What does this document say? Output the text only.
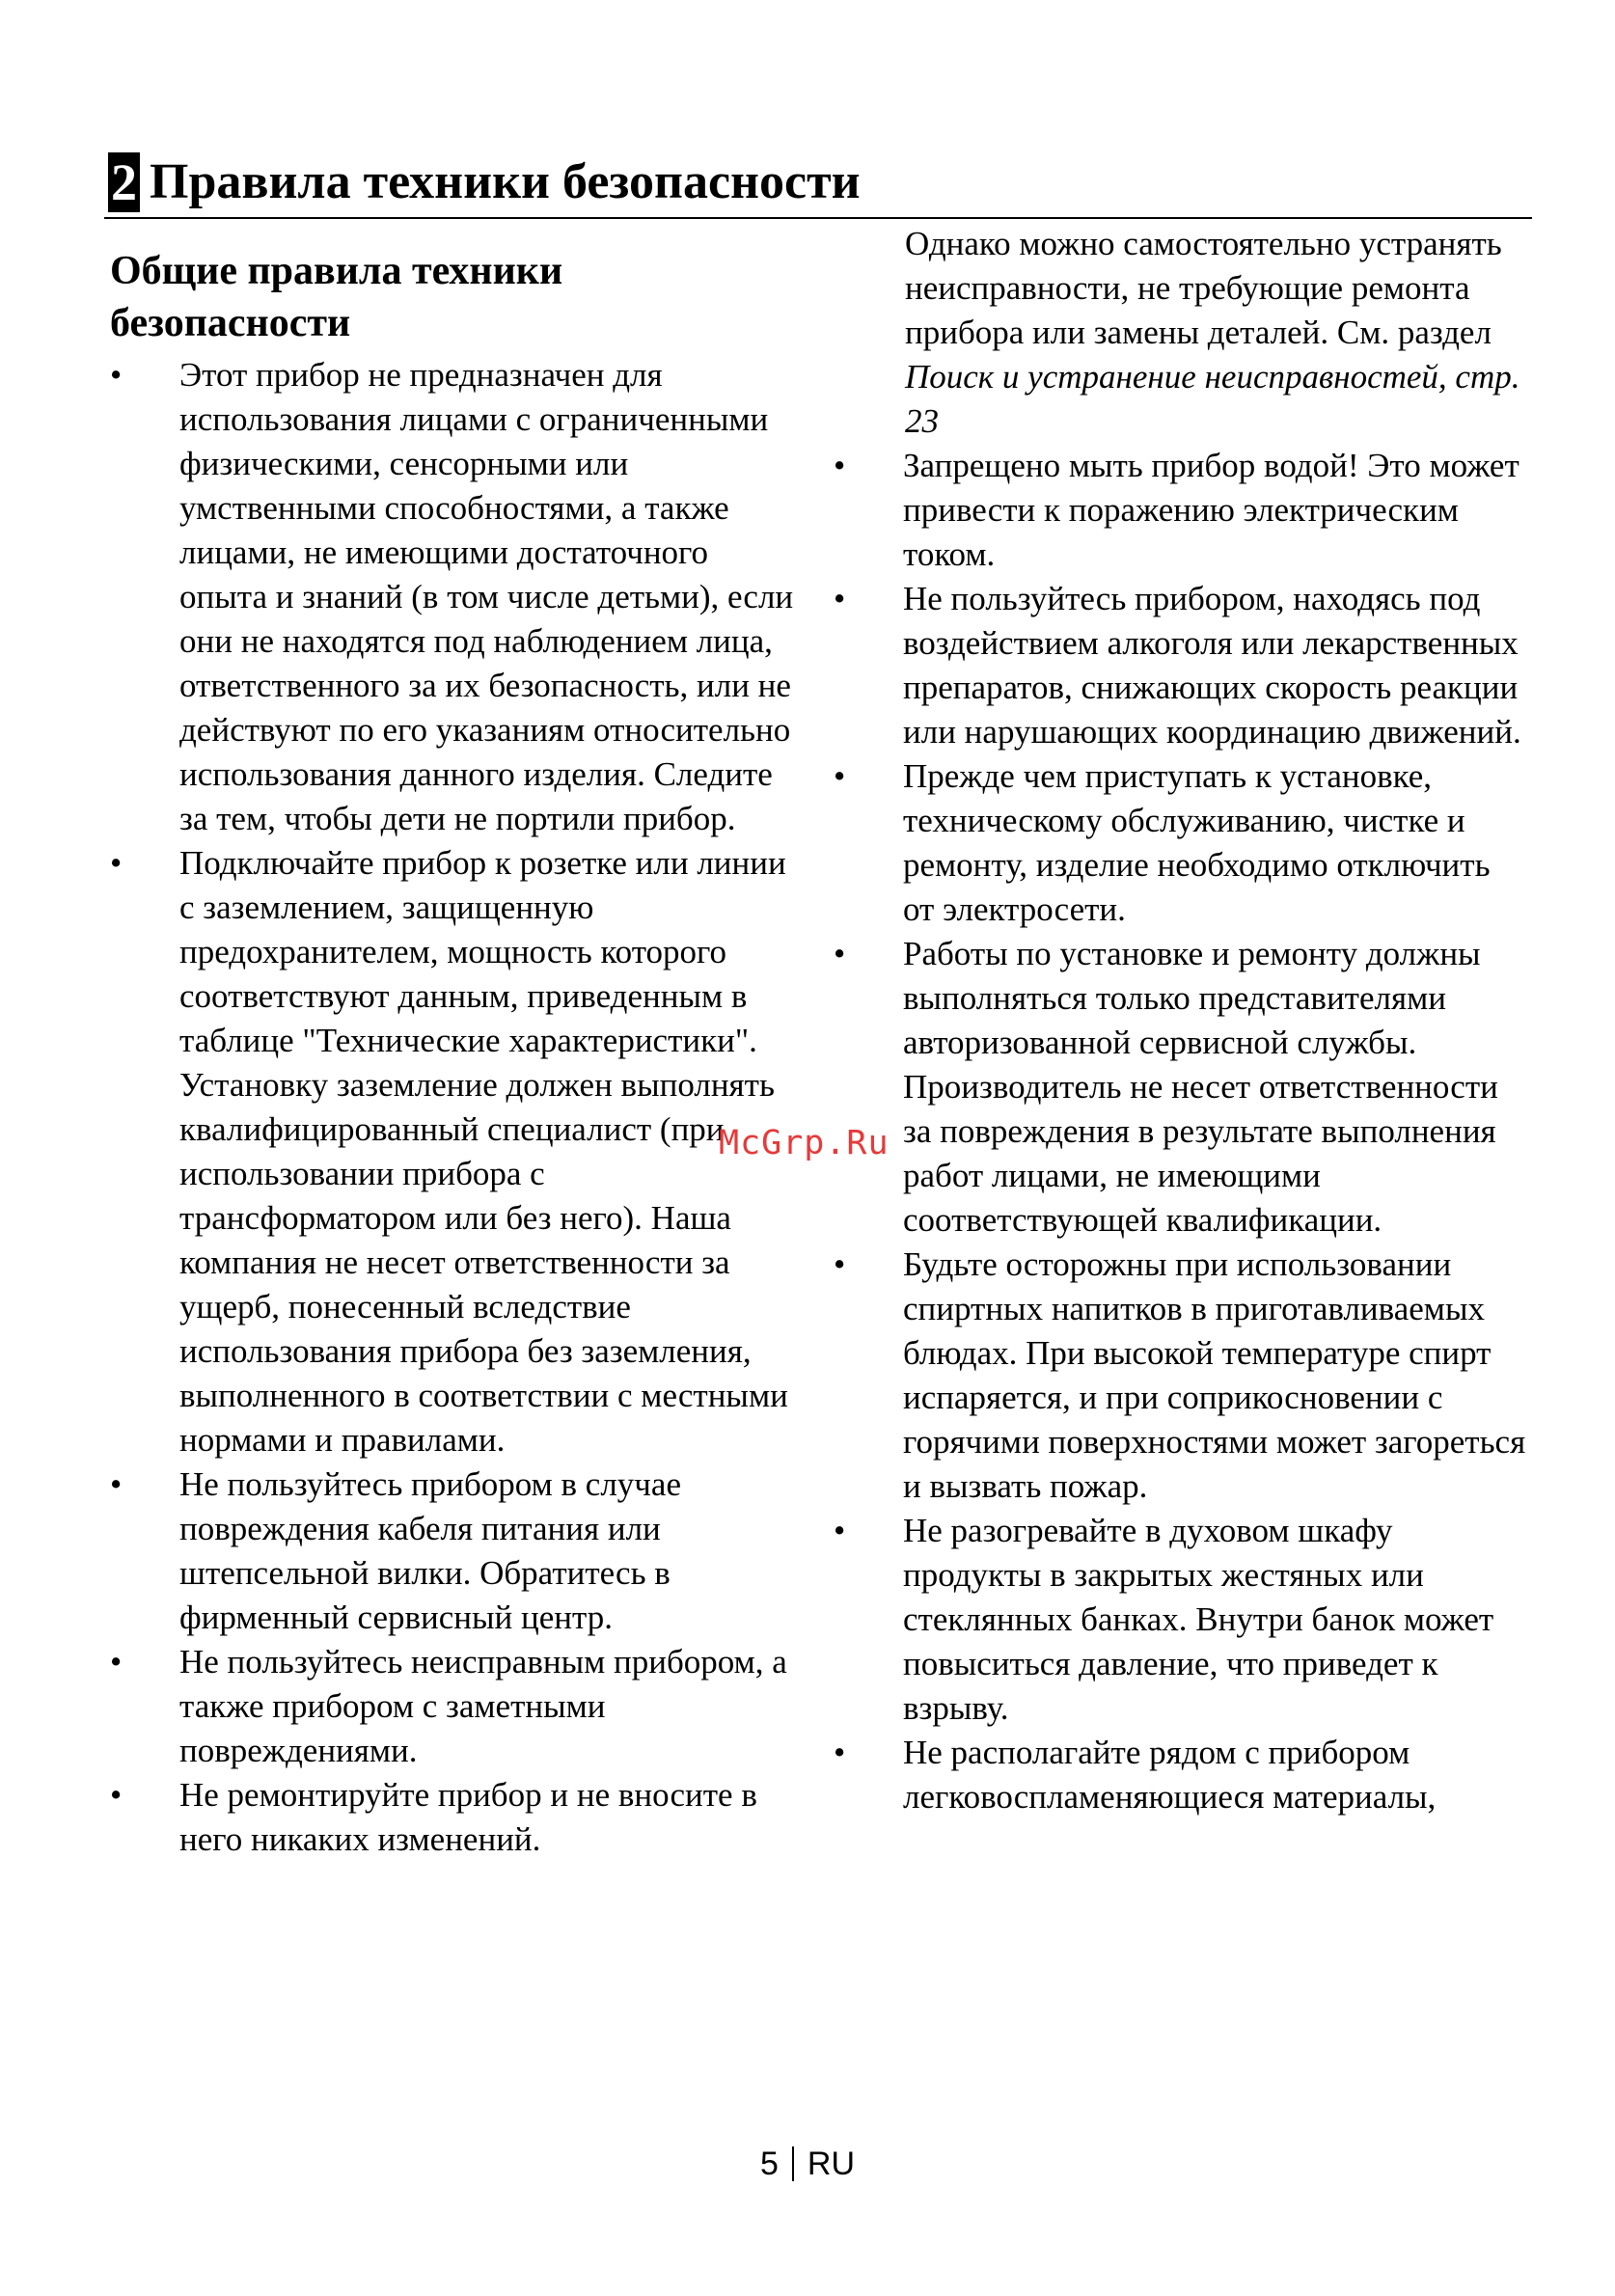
2 Правила техники безопасности
Общие правила техники
безопасности
•	Этот прибор не предназначен для использования лицами с ограниченными физическими, сенсорными или умственными способностями, а также лицами, не имеющими достаточного опыта и знаний (в том числе детьми), если они не находятся под наблюдением лица, ответственного за их безопасность, или не действуют по его указаниям относительно использования данного изделия. Следите за тем, чтобы дети не портили прибор.
•	Подключайте прибор к розетке или линии с заземлением, защищенную предохранителем, мощность которого соответствуют данным, приведенным в таблице "Технические характеристики". Установку заземление должен выполнять квалифицированный специалист (при использовании прибора с трансформатором или без него). Наша компания не несет ответственности за ущерб, понесенный вследствие использования прибора без заземления, выполненного в соответствии с местными нормами и правилами.
•	Не пользуйтесь прибором в случае повреждения кабеля питания или штепсельной вилки. Обратитесь в фирменный сервисный центр.
•	Не пользуйтесь неисправным прибором, а также прибором с заметными повреждениями.
•	Не ремонтируйте прибор и не вносите в него никаких изменений.
Однако можно самостоятельно устранять неисправности, не требующие ремонта прибора или замены деталей. См. раздел Поиск и устранение неисправностей, стр. 23
•	Запрещено мыть прибор водой! Это может привести к поражению электрическим током.
•	Не пользуйтесь прибором, находясь под воздействием алкоголя или лекарственных препаратов, снижающих скорость реакции или нарушающих координацию движений.
•	Прежде чем приступать к установке, техническому обслуживанию, чистке и ремонту, изделие необходимо отключить от электросети.
•	Работы по установке и ремонту должны выполняться только представителями авторизованной сервисной службы. Производитель не несет ответственности за повреждения в результате выполнения работ лицами, не имеющими соответствующей квалификации.
•	Будьте осторожны при использовании спиртных напитков в приготавливаемых блюдах. При высокой температуре спирт испаряется, и при соприкосновении с горячими поверхностями может загореться и вызвать пожар.
•	Не разогревайте в духовом шкафу продукты в закрытых жестяных или стеклянных банках. Внутри банок может повыситься давление, что приведет к взрыву.
•	Не располагайте рядом с прибором легковоспламеняющиеся материалы,
McGrp.Ru
5 RU
